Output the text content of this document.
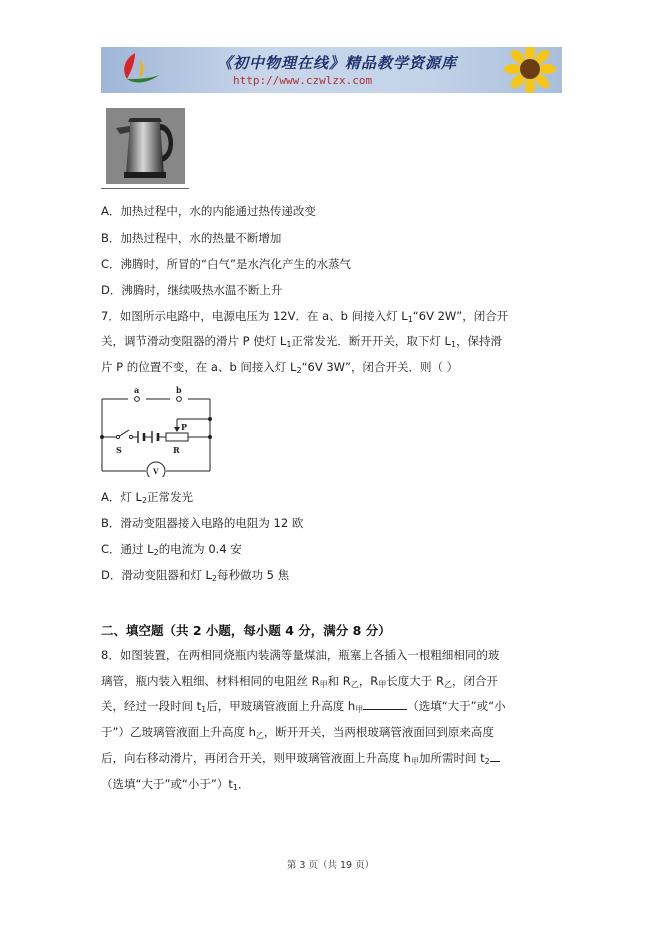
《初中物理在线》精品教学资源库
http://www.czwlzx.com
A．加热过程中，水的内能通过热传递改变
B．加热过程中，水的热量不断增加
C．沸腾时，所冒的“白气”是水汽化产生的水蒸气
D．沸腾时，继续吸热水温不断上升
7．如图所示电路中，电源电压为 12V．在 a、b 间接入灯 $L_1“6V$ 2W”，闭合开
关，调节滑动变阻器的滑片 P 使灯 $L_1$正常发光．断开开关，取下灯 $L_1$，保持滑
片 P 的位置不变，在 a、b 间接入灯 $L_2“6V$ 3W”，闭合开关．则（ ）
a	b
P
S	R
V
A．灯 $L_2$正常发光
B．滑动变阻器接入电路的电阻为 12 欧
C．通过 $L_2$的电流为 0.4 安
D．滑动变阻器和灯 $L_2$每秒做功 5 焦
二、填空题（共 2 小题，每小题 4 分，满分 8 分）
8．如图装置，在两相同烧瓶内装满等量煤油，瓶塞上各插入一根粗细相同的玻
璃管，瓶内装入粗细、材料相同的电阻丝 $R_甲$和 $R_乙$，$R_甲$长度大于 $R_乙$，闭合开
关，经过一段时间 $t_1$后，甲玻璃管液面上升高度 $h_甲$	（选填“大于”或“小
于”）乙玻璃管液面上升高度 $h_乙$，断开开关，当两根玻璃管液面回到原来高度
后，向右移动滑片，再闭合开关，则甲玻璃管液面上升高度 $h_甲$加所需时间 $t_2$
（选填“大于”或“小于$”)t_1$．
第 3 页（共 19 页）
